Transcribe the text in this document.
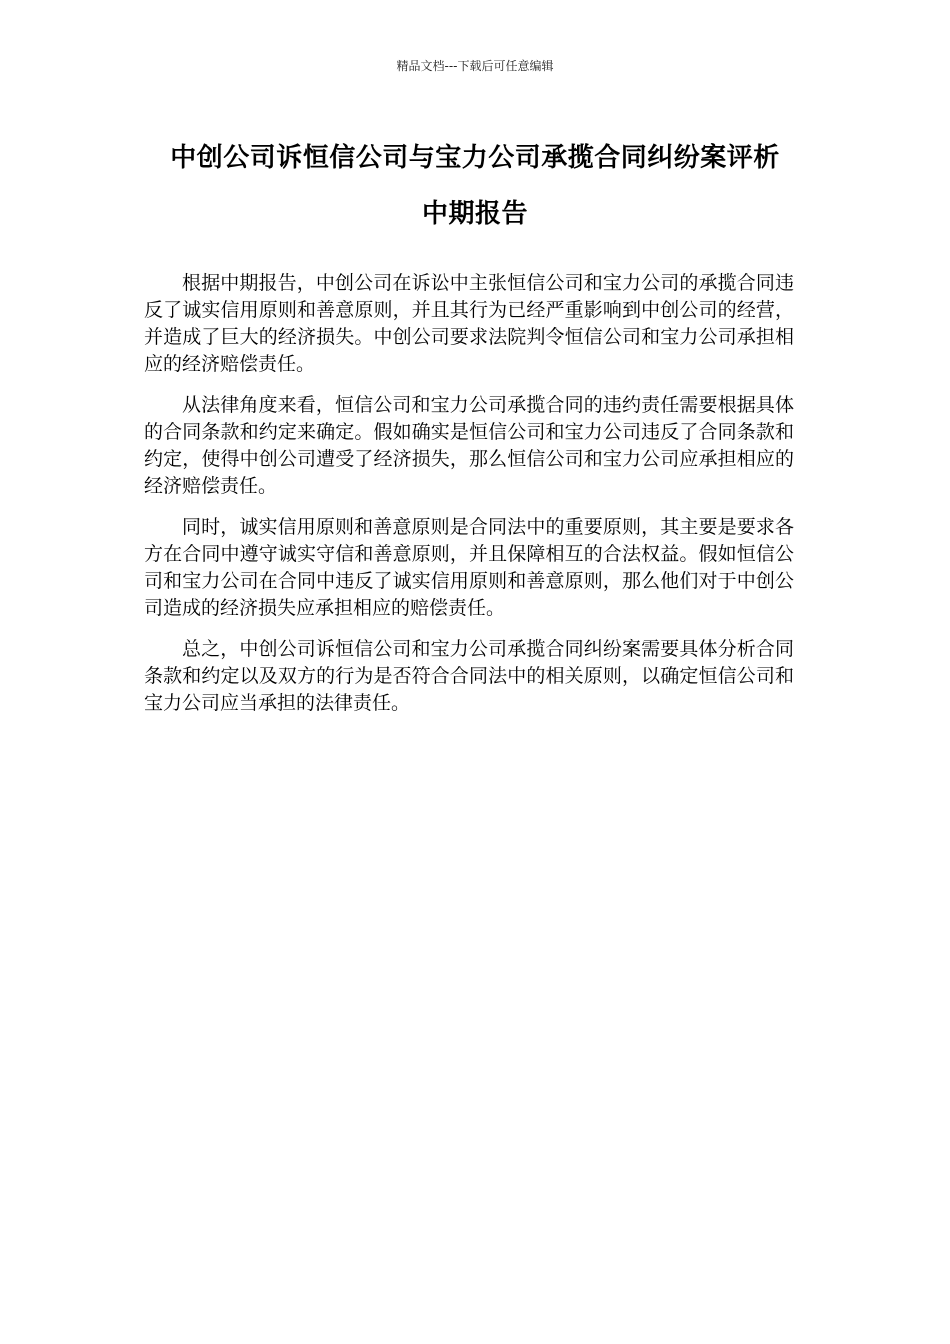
精品文档---下载后可任意编辑
中创公司诉恒信公司与宝力公司承揽合同纠纷案评析
中期报告

根据中期报告，中创公司在诉讼中主张恒信公司和宝力公司的承揽合同违反了诚实信用原则和善意原则，并且其行为已经严重影响到中创公司的经营，并造成了巨大的经济损失。中创公司要求法院判令恒信公司和宝力公司承担相应的经济赔偿责任。

从法律角度来看，恒信公司和宝力公司承揽合同的违约责任需要根据具体的合同条款和约定来确定。假如确实是恒信公司和宝力公司违反了合同条款和约定，使得中创公司遭受了经济损失，那么恒信公司和宝力公司应承担相应的经济赔偿责任。

同时，诚实信用原则和善意原则是合同法中的重要原则，其主要是要求各方在合同中遵守诚实守信和善意原则，并且保障相互的合法权益。假如恒信公司和宝力公司在合同中违反了诚实信用原则和善意原则，那么他们对于中创公司造成的经济损失应承担相应的赔偿责任。

总之，中创公司诉恒信公司和宝力公司承揽合同纠纷案需要具体分析合同条款和约定以及双方的行为是否符合合同法中的相关原则，以确定恒信公司和宝力公司应当承担的法律责任。
